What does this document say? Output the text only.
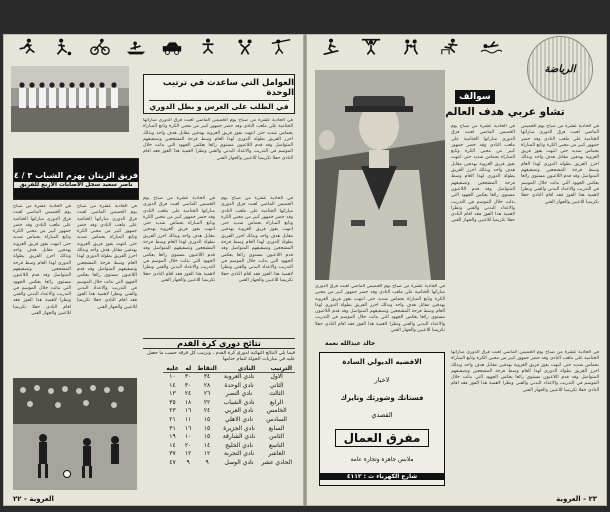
العوامل التي ساعدت في ترتيب الوحدة
في الطلب على العرس و بطل الدوري
في الحادية عشرة من صباح يوم الخميس الماضي لعبت فرق الدوري مباراتها الختامية على ملعب النادي وقد حضر جمهور كبير من محبي الكرة وتابع المباراة بحماس شديد حتى انتهت بفوز فريق العروبة بهدفين مقابل هدف واحد وبذلك احرز الفريق بطولة الدوري لهذا العام وسط فرحة المشجعين وتصفيقهم المتواصل وقد قدم اللاعبون مستوى رائعا يعكس الجهود التي بذلت خلال الموسم في التدريب والاعداد البدني والفني ونظرا لاهمية هذا الفوز فقد اقام النادي حفلا تكريميا للاعبين والجهاز الفني
في الحادية عشرة من صباح يوم الخميس الماضي لعبت فرق الدوري مباراتها الختامية على ملعب النادي وقد حضر جمهور كبير من محبي الكرة وتابع المباراة بحماس شديد حتى انتهت بفوز فريق العروبة بهدفين مقابل هدف واحد وبذلك احرز الفريق بطولة الدوري لهذا العام وسط فرحة المشجعين وتصفيقهم المتواصل وقد قدم اللاعبون مستوى رائعا يعكس الجهود التي بذلت خلال الموسم في التدريب والاعداد البدني والفني ونظرا لاهمية هذا الفوز فقد اقام النادي حفلا تكريميا للاعبين والجهاز الفني
في الحادية عشرة من صباح يوم الخميس الماضي لعبت فرق الدوري مباراتها الختامية على ملعب النادي وقد حضر جمهور كبير من محبي الكرة وتابع المباراة بحماس شديد حتى انتهت بفوز فريق العروبة بهدفين مقابل هدف واحد وبذلك احرز الفريق بطولة الدوري لهذا العام وسط فرحة المشجعين وتصفيقهم المتواصل وقد قدم اللاعبون مستوى رائعا يعكس الجهود التي بذلت خلال الموسم في التدريب والاعداد البدني والفني ونظرا لاهمية هذا الفوز فقد اقام النادي حفلا تكريميا للاعبين والجهاز الفني
فريق الزيتان يهزم الشباب ٣ / ٤
ناصر سعيد سجل الاصابات الاربع للفريق
في الحادية عشرة من صباح يوم الخميس الماضي لعبت فرق الدوري مباراتها الختامية على ملعب النادي وقد حضر جمهور كبير من محبي الكرة وتابع المباراة بحماس شديد حتى انتهت بفوز فريق العروبة بهدفين مقابل هدف واحد وبذلك احرز الفريق بطولة الدوري لهذا العام وسط فرحة المشجعين وتصفيقهم المتواصل وقد قدم اللاعبون مستوى رائعا يعكس الجهود التي بذلت خلال الموسم في التدريب والاعداد البدني والفني ونظرا لاهمية هذا الفوز فقد اقام النادي حفلا تكريميا للاعبين والجهاز الفني
في الحادية عشرة من صباح يوم الخميس الماضي لعبت فرق الدوري مباراتها الختامية على ملعب النادي وقد حضر جمهور كبير من محبي الكرة وتابع المباراة بحماس شديد حتى انتهت بفوز فريق العروبة بهدفين مقابل هدف واحد وبذلك احرز الفريق بطولة الدوري لهذا العام وسط فرحة المشجعين وتصفيقهم المتواصل وقد قدم اللاعبون مستوى رائعا يعكس الجهود التي بذلت خلال الموسم في التدريب والاعداد البدني والفني ونظرا لاهمية هذا الفوز فقد اقام النادي حفلا تكريميا للاعبين والجهاز الفني
نتائج دوري كرة القدم
فيما يلي النتائج النهائية لدوري كرة القدم ، وترتيب كل فرقة حسب ما حصل عليه في مباريات الجولة لتمام ختامها
الترتيب	النادي	النقاط	له	عليه
الاول	نادي العروبة	٣٤	٣٠	١٠
الثاني	نادي الوحدة	٢٨	٣٠	١٤
الثالث	نادي النصر	٢٦	٢٤	١٣
الرابع	نادي الشباب	٢٢	١٨	٣٥
الخامس	نادي العربي	٢٤	١٦	٢٣
السادس	نادي الاهلي	١٥	١١	٢١
السابع	نادي الجزيرة	١٥	١٦	٣١
الثامن	نادي الشارقة	١٥	١٠	١٩
التاسع	نادي الخليج	١٤	٢٠	١٤
العاشر	نادي التجربة	١٢	١٢	٣٧
الحادي عشر	نادي الوصل	٩	٩	٤٧
العروبة - ٢٢
الرياضة
سوالف
تشاو عربي هدف العالم
خالد عبدالله نعمة
في الحادية عشرة من صباح يوم الخميس الماضي لعبت فرق الدوري مباراتها الختامية على ملعب النادي وقد حضر جمهور كبير من محبي الكرة وتابع المباراة بحماس شديد حتى انتهت بفوز فريق العروبة بهدفين مقابل هدف واحد وبذلك احرز الفريق بطولة الدوري لهذا العام وسط فرحة المشجعين وتصفيقهم المتواصل وقد قدم اللاعبون مستوى رائعا يعكس الجهود التي بذلت خلال الموسم في التدريب والاعداد البدني والفني ونظرا لاهمية هذا الفوز فقد اقام النادي حفلا تكريميا للاعبين والجهاز الفني
في الحادية عشرة من صباح يوم الخميس الماضي لعبت فرق الدوري مباراتها الختامية على ملعب النادي وقد حضر جمهور كبير من محبي الكرة وتابع المباراة بحماس شديد حتى انتهت بفوز فريق العروبة بهدفين مقابل هدف واحد وبذلك احرز الفريق بطولة الدوري لهذا العام وسط فرحة المشجعين وتصفيقهم المتواصل وقد قدم اللاعبون مستوى رائعا يعكس الجهود التي بذلت خلال الموسم في التدريب والاعداد البدني والفني ونظرا لاهمية هذا الفوز فقد اقام النادي حفلا تكريميا للاعبين والجهاز الفني
في الحادية عشرة من صباح يوم الخميس الماضي لعبت فرق الدوري مباراتها الختامية على ملعب النادي وقد حضر جمهور كبير من محبي الكرة وتابع المباراة بحماس شديد حتى انتهت بفوز فريق العروبة بهدفين مقابل هدف واحد وبذلك احرز الفريق بطولة الدوري لهذا العام وسط فرحة المشجعين وتصفيقهم المتواصل وقد قدم اللاعبون مستوى رائعا يعكس الجهود التي بذلت خلال الموسم في التدريب والاعداد البدني والفني ونظرا لاهمية هذا الفوز فقد اقام النادي حفلا تكريميا للاعبين والجهاز الفني
في الحادية عشرة من صباح يوم الخميس الماضي لعبت فرق الدوري مباراتها الختامية على ملعب النادي وقد حضر جمهور كبير من محبي الكرة وتابع المباراة بحماس شديد حتى انتهت بفوز فريق العروبة بهدفين مقابل هدف واحد وبذلك احرز الفريق بطولة الدوري لهذا العام وسط فرحة المشجعين وتصفيقهم المتواصل وقد قدم اللاعبون مستوى رائعا يعكس الجهود التي بذلت خلال الموسم في التدريب والاعداد البدني والفني ونظرا لاهمية هذا الفوز فقد اقام النادي حفلا تكريميا للاعبين والجهاز الفني
الافضيه الديولي السادة
لاخبار
فستانك وشورتك وتايرك
القصدي
مفرق العمال
ملابس جاهزة وتجارة عامة
شارع الكهرباء ت : ٤١١٢
٢٣ - العروبة
